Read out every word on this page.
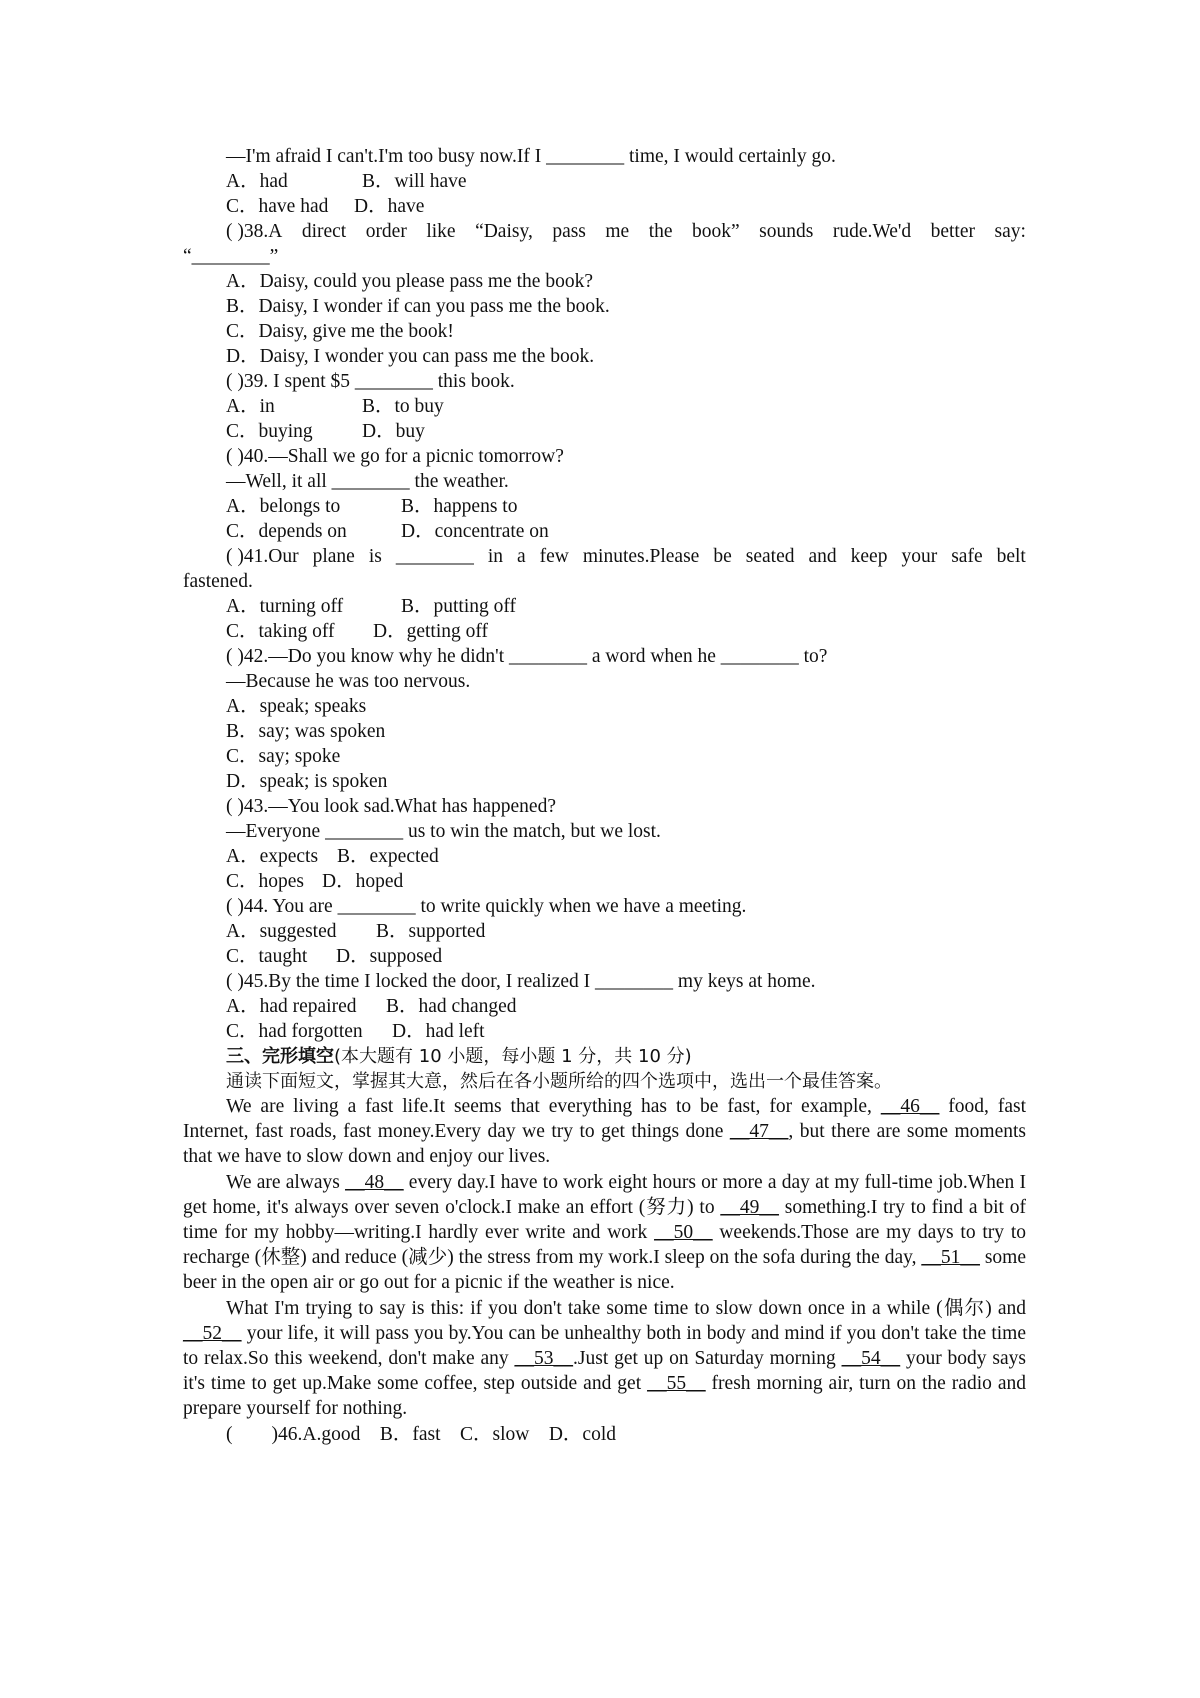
—I'm afraid I can't.I'm too busy now.If I ________ time, I would certainly go.

A．had	B．will have

C．have had D．have

( )38.A direct order like “Daisy, pass me the book” sounds rude.We'd better say:

“________”

A．Daisy, could you please pass me the book?

B．Daisy, I wonder if can you pass me the book.

C．Daisy, give me the book!

D．Daisy, I wonder you can pass me the book.

( )39. I spent $5 ________ this book.

A．in	B．to buy

C．buying	D．buy

( )40.—Shall we go for a picnic tomorrow?

—Well, it all ________ the weather.

A．belongs to	B．happens to

C．depends on	D．concentrate on

( )41.Our plane is ________ in a few minutes.Please be seated and keep your safe belt

fastened.

A．turning off	B．putting off

C．taking off D．getting off

( )42.—Do you know why he didn't ________ a word when he ________ to?

—Because he was too nervous.

A．speak; speaks

B．say; was spoken

C．say; spoke

D．speak; is spoken

( )43.—You look sad.What has happened?

—Everyone ________ us to win the match, but we lost.

A．expects B．expected

C．hopes D．hoped

( )44. You are ________ to write quickly when we have a meeting.

A．suggested B．supported

C．taught D．supposed

( )45.By the time I locked the door, I realized I ________ my keys at home.

A．had repaired B．had changed

C．had forgotten D．had left

三、完形填空(本大题有 10 小题，每小题 1 分，共 10 分)

通读下面短文，掌握其大意，然后在各小题所给的四个选项中，选出一个最佳答案。

We are living a fast life.It seems that everything has to be fast, for example, __46__ food, fast Internet, fast roads, fast money.Every day we try to get things done __47__, but there are some moments that we have to slow down and enjoy our lives.

We are always __48__ every day.I have to work eight hours or more a day at my full-time job.When I get home, it's always over seven o'clock.I make an effort (努力) to __49__ something.I try to find a bit of time for my hobby—writing.I hardly ever write and work __50__ weekends.Those are my days to try to recharge (休整) and reduce (减少) the stress from my work.I sleep on the sofa during the day, __51__ some beer in the open air or go out for a picnic if the weather is nice.

What I'm trying to say is this: if you don't take some time to slow down once in a while (偶尔) and __52__ your life, it will pass you by.You can be unhealthy both in body and mind if you don't take the time to relax.So this weekend, don't make any __53__.Just get up on Saturday morning __54__ your body says it's time to get up.Make some coffee, step outside and get __55__ fresh morning air, turn on the radio and prepare yourself for nothing.

(        )46.A.good    B．fast    C．slow    D．cold
